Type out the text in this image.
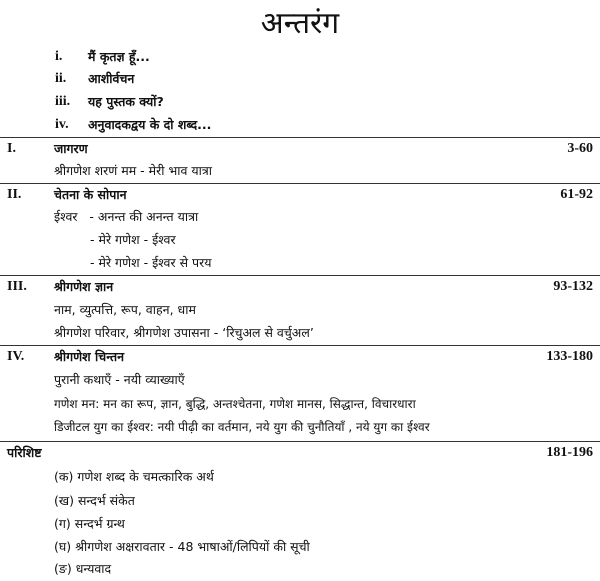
अन्तरंग
i. मैं कृतज्ञ हूँ...
ii. आशीर्वचन
iii. यह पुस्तक क्यों?
iv. अनुवादकद्वय के दो शब्द...
I.	जागरण	3-60
श्रीगणेश शरणं मम - मेरी भाव यात्रा
II.	चेतना के सोपान	61-92
ईश्वर   - अनन्त की अनन्त यात्रा
- मेरे गणेश - ईश्वर
- मेरे गणेश - ईश्वर से परय
III. श्रीगणेश ज्ञान	93-132
नाम, व्युत्पत्ति, रूप, वाहन, धाम
श्रीगणेश परिवार, श्रीगणेश उपासना - ‘रिचुअल से वर्चुअल’
IV. श्रीगणेश चिन्तन	133-180
पुरानी कथाएँ - नयी व्याख्याएँ
गणेश मन: मन का रूप, ज्ञान, बुद्धि, अन्तश्चेतना, गणेश मानस, सिद्धान्त, विचारधारा
डिजीटल युग का ईश्वर: नयी पीढ़ी का वर्तमान, नये युग की चुनौतियाँ , नये युग का ईश्वर
परिशिष्ट	181-196
(क) गणेश शब्द के चमत्कारिक अर्थ
(ख) सन्दर्भ संकेत
(ग) सन्दर्भ ग्रन्थ
(घ) श्रीगणेश अक्षरावतार - 48 भाषाओं/लिपियों की सूची
(ङ) धन्यवाद
